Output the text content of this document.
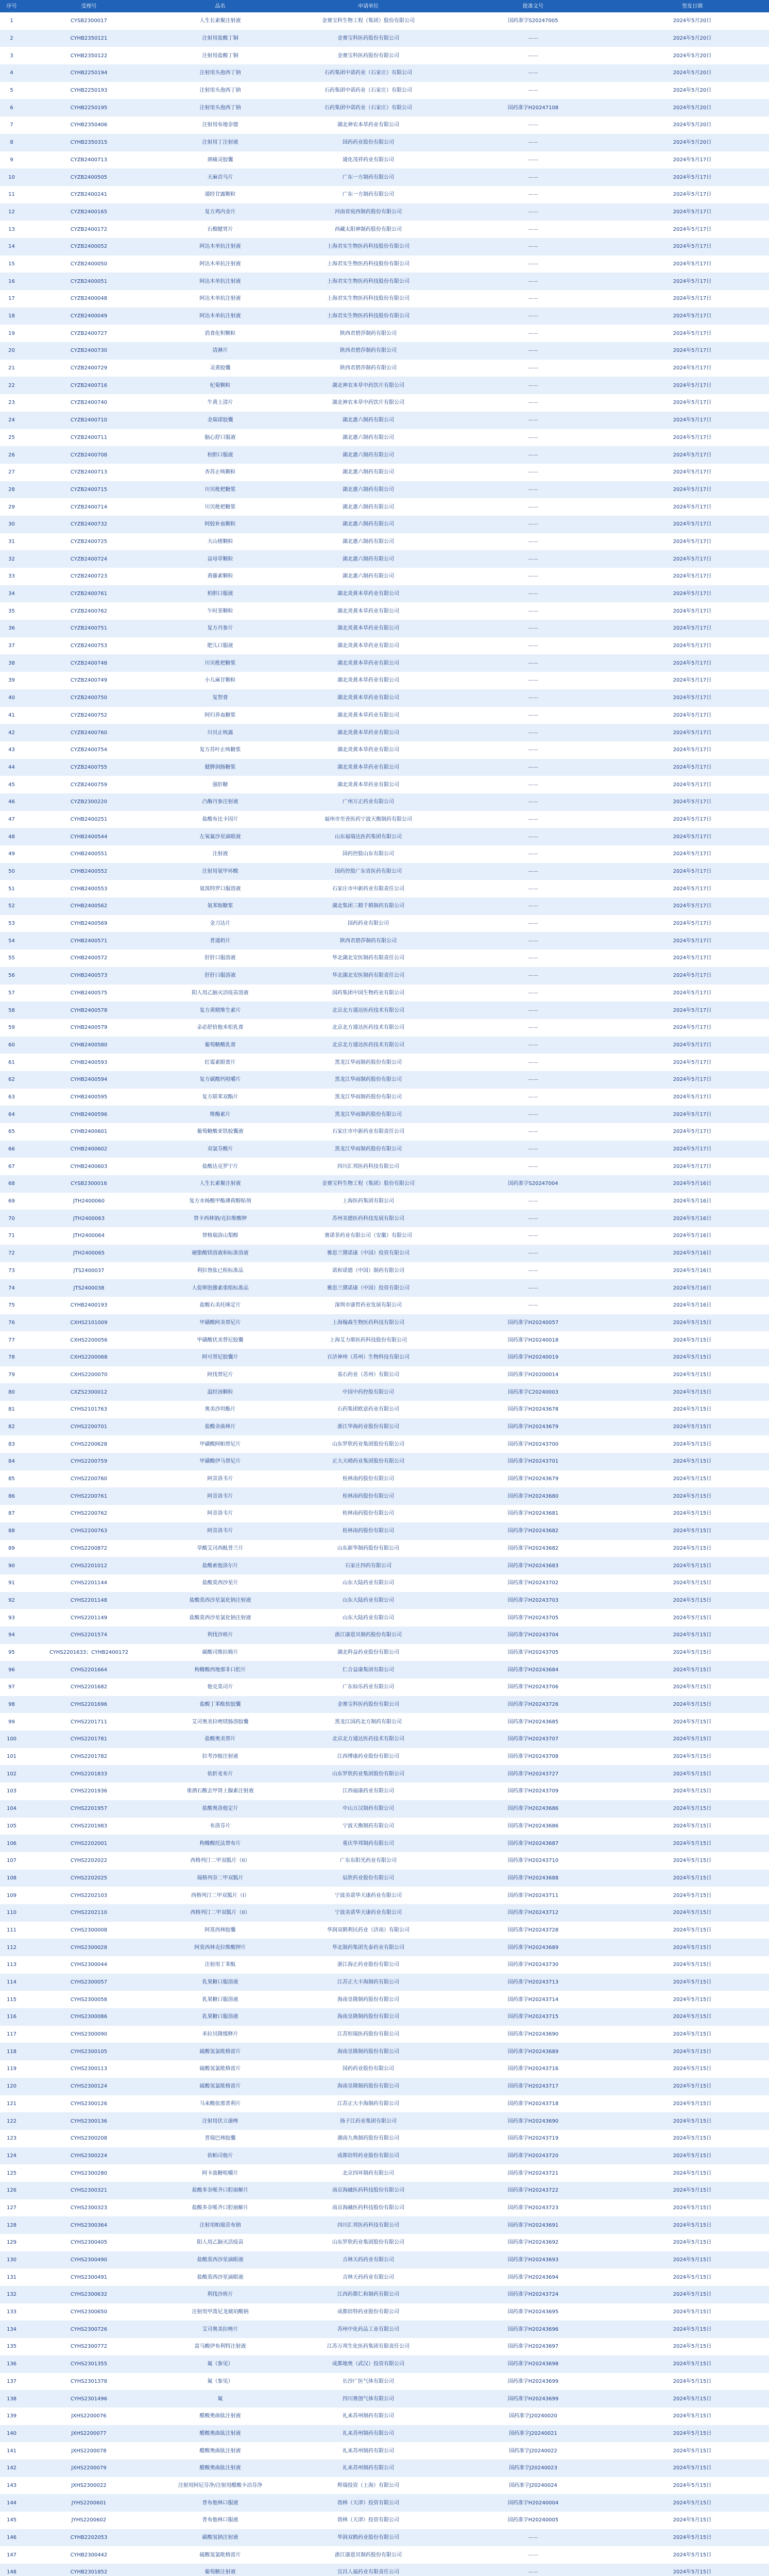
序号	受理号	品名	申请单位	批准文号	签发日期
1	CYSB2300017	人生长素聚注射液	金赛宝科生物工程（集团）股份有限公司	国药准字S20247005	2024年5月20日
2	CYHB2350121	注射用盐酸丁铜	金赛宝科医药股份有限公司	——	2024年5月20日
3	CYHB2350122	注射用盐酸丁铜	金赛宝科医药股份有限公司	——	2024年5月20日
4	CYHB2250194	注射用头孢西丁钠	石药集团中诺药业（石家庄）有限公司	——	2024年5月20日
5	CYHB2250193	注射用头孢西丁钠	石药集团中诺药业（石家庄）有限公司	——	2024年5月20日
6	CYHB2250195	注射用头孢西丁钠	石药集团中诺药业（石家庄）有限公司	国药准字H20247108	2024年5月20日
7	CYHB2350406	注射用布地奈德	湖北神农本草药业有限公司	——	2024年5月20日
8	CYHB2350315	注射用丁注射液	国药药业股份有限公司	——	2024年5月20日
9	CYZB2400713	颈痛灵胶囊	通化茂祥药业有限公司	——	2024年5月17日
10	CYZB2400505	天麻首乌片	广东一方制药有限公司	——	2024年5月17日
11	CYZB2400241	通经甘露颗粒	广东一方制药有限公司	——	2024年5月17日
12	CYZB2400165	复方鸡内金片	河南省宛西制药股份有限公司	——	2024年5月17日
13	CYZB2400172	石榴健胃片	西藏太阳神制药股份有限公司	——	2024年5月17日
14	CYZB2400052	阿达木单抗注射液	上海君实生物医药科技股份有限公司	——	2024年5月17日
15	CYZB2400050	阿达木单抗注射液	上海君实生物医药科技股份有限公司	——	2024年5月17日
16	CYZB2400051	阿达木单抗注射液	上海君实生物医药科技股份有限公司	——	2024年5月17日
17	CYZB2400048	阿达木单抗注射液	上海君实生物医药科技股份有限公司	——	2024年5月17日
18	CYZB2400049	阿达木单抗注射液	上海君实生物医药科技股份有限公司	——	2024年5月17日
19	CYZB2400727	消食化积颗粒	陕西君碧莎制药有限公司	——	2024年5月17日
20	CYZB2400730	清淋片	陕西君碧莎制药有限公司	——	2024年5月17日
21	CYZB2400729	灵黄胶囊	陕西君碧莎制药有限公司	——	2024年5月17日
22	CYZB2400716	杞菊颗粒	湖北神农本草中药饮片有限公司	——	2024年5月17日
23	CYZB2400740	牛黄上清片	湖北神农本草中药饮片有限公司	——	2024年5月17日
24	CYZB2400710	金瑞诺胶囊	湖北惠六制药有限公司	——	2024年5月17日
25	CYZB2400711	脑心舒口服液	湖北惠六制药有限公司	——	2024年5月17日
26	CYZB2400708	柏胆口服液	湖北惠六制药有限公司	——	2024年5月17日
27	CYZB2400713	杏苏止咳颗粒	湖北惠六制药有限公司	——	2024年5月17日
28	CYZB2400715	川贝枇杷糖浆	湖北惠六制药有限公司	——	2024年5月17日
29	CYZB2400714	川贝枇杷糖浆	湖北惠六制药有限公司	——	2024年5月17日
30	CYZB2400732	阿胶补血颗粒	湖北惠六制药有限公司	——	2024年5月17日
31	CYZB2400725	大山楂颗粒	湖北惠六制药有限公司	——	2024年5月17日
32	CYZB2400724	益母草颗粒	湖北惠六制药有限公司	——	2024年5月17日
33	CYZB2400723	黄藤素颗粒	湖北惠六制药有限公司	——	2024年5月17日
34	CYZB2400761	柏胆口服液	湖北炎黄本草药业有限公司	——	2024年5月17日
35	CYZB2400762	午时茶颗粒	湖北炎黄本草药业有限公司	——	2024年5月17日
36	CYZB2400751	复方丹参片	湖北炎黄本草药业有限公司	——	2024年5月17日
37	CYZB2400753	肥儿口服液	湖北炎黄本草药业有限公司	——	2024年5月17日
38	CYZB2400748	川贝枇杷糖浆	湖北炎黄本草药业有限公司	——	2024年5月17日
39	CYZB2400749	小儿麻甘颗粒	湖北炎黄本草药业有限公司	——	2024年5月17日
40	CYZB2400750	复智膏	湖北炎黄本草药业有限公司	——	2024年5月17日
41	CYZB2400752	阿归养血糖浆	湖北炎黄本草药业有限公司	——	2024年5月17日
42	CYZB2400760	川贝止咳露	湖北炎黄本草药业有限公司	——	2024年5月17日
43	CYZB2400754	复方苏叶止咳糖浆	湖北炎黄本草药业有限公司	——	2024年5月17日
44	CYZB2400755	健脾润肠糖浆	湖北炎黄本草药业有限公司	——	2024年5月17日
45	CYZB2400759	强肝糖	湖北炎黄本草药业有限公司	——	2024年5月17日
46	CYZB2300220	凸酶丹参注射液	广州万正药业有限公司	——	2024年5月17日
47	CYHB2400251	盐酸布比卡因片	福州市至善医药宁波天衡制药有限公司	——	2024年5月17日
48	CYHB2400544	左氧氟沙星滴眼液	山东福瑞达医药集团有限公司	——	2024年5月17日
49	CYHB2400551	注射液	国药控股山东有限公司	——	2024年5月17日
50	CYHB2400552	注射用氨甲环酸	国药控股广东省医药有限公司	——	2024年5月17日
51	CYHB2400553	氨溴特罗口服溶液	石家庄市中新药业有限责任公司	——	2024年5月17日
52	CYHB2400562	氨苯胺糖浆	湖北集团三精千鹤制药有限公司	——	2024年5月17日
53	CYHB2400569	金刀达片	国药药业有限公司	——	2024年5月17日
54	CYHB2400571	普通奶片	陕西君碧莎制药有限公司	——	2024年5月17日
55	CYHB2400572	肝肝口服溶液	华北湖北安医制药有限责任公司	——	2024年5月17日
56	CYHB2400573	肝肝口服溶液	华北湖北安医制药有限责任公司	——	2024年5月17日
57	CYHB2400575	阳人用乙脑灭活疫苗溶液	国药集团中国生物药业有限公司	——	2024年5月17日
58	CYHB2400578	复方黄精维生素片	北京北方通达医药技术有限公司	——	2024年5月17日
59	CYHB2400579	亲必舒倍他米松乳膏	北京北方通达医药技术有限公司	——	2024年5月17日
60	CYHB2400580	葡萄糖酸乳膏	北京北方通达医药技术有限公司	——	2024年5月17日
61	CYHB2400593	红霉素眼膏片	黑龙江华雨制药股份有限公司	——	2024年5月17日
62	CYHB2400594	复方碳酸钙咀嚼片	黑龙江华雨制药股份有限公司	——	2024年5月17日
63	CYHB2400595	复方联苯双酯片	黑龙江华雨制药股份有限公司	——	2024年5月17日
64	CYHB2400596	维酶素片	黑龙江华雨制药股份有限公司	——	2024年5月17日
65	CYHB2400601	葡萄糖酸亚铁胶囊液	石家庄市中新药业有限责任公司	——	2024年5月17日
66	CYHB2400602	双氯芬酸片	黑龙江华雨制药股份有限公司	——	2024年5月17日
67	CYHB2400603	盐酸达克罗宁片	四川汇邦医药科技有限公司	——	2024年5月17日
68	CYSB2300016	人生长素聚注射液	金赛宝科生物工程（集团）股份有限公司	国药准字S20247004	2024年5月16日
69	JTH2400060	复方水杨酸甲酯薄荷醇贴剂	上海医药集团有限公司	——	2024年5月16日
70	JTH2400063	替卡西林钠/克拉维酸钾	苏州美德医药科技发展有限公司	——	2024年5月16日
71	JTH2400064	替格瑞洛山梨醇	赛诺菲药业有限公司（安徽）有限公司	——	2024年5月16日
72	JTH2400065	硬脂酸镁溶液和标准溶液	雅思兰黛诺康（中国）投资有限公司	——	2024年5月16日
73	JTS2400037	利拉鲁肽已检标准品	诺和诺德（中国）制药有限公司	——	2024年5月16日
74	JTS2400038	人促卵泡激素重组标准品	雅思兰黛诺康（中国）投资有限公司	——	2024年5月16日
75	CYHB2400193	盐酸右美托咪定片	深圳市康哲药业发展有限公司	——	2024年5月16日
76	CXHS2101009	甲磺酸阿美替尼片	上海翰森生物医药科技有限公司	国药准字H20240057	2024年5月15日
77	CXHS2200056	甲磺酸伏美替尼胶囊	上海艾力斯医药科技股份有限公司	国药准字H20240018	2024年5月15日
78	CXHS2200068	阿可替尼胶囊片	百济神州（苏州）生物科技有限公司	国药准字H20240019	2024年5月15日
79	CXHS2200070	阿伐替尼片	基石药业（苏州）有限公司	国药准字H20200014	2024年5月15日
80	CXZS2300012	温经汤颗粒	中国中药控股有限公司	国药准字C20240003	2024年5月15日
81	CYHS2101763	奥美沙坦酯片	石药集团欧意药业有限公司	国药准字H20243678	2024年5月15日
82	CYHS2200701	盐酸舍曲林片	浙江华海药业股份有限公司	国药准字H20243679	2024年5月15日
83	CYHS2200628	甲磺酸阿帕替尼片	山东罗欣药业集团股份有限公司	国药准字H20243700	2024年5月15日
84	CYHS2200759	甲磺酸伊马替尼片	正大天晴药业集团股份有限公司	国药准字H20243701	2024年5月15日
85	CYHS2200760	阿昔洛韦片	桂林南药股份有限公司	国药准字H20243679	2024年5月15日
86	CYHS2200761	阿昔洛韦片	桂林南药股份有限公司	国药准字H20243680	2024年5月15日
87	CYHS2200762	阿昔洛韦片	桂林南药股份有限公司	国药准字H20243681	2024年5月15日
88	CYHS2200763	阿昔洛韦片	桂林南药股份有限公司	国药准字H20243682	2024年5月15日
89	CYHS2200872	草酸艾司西酞普兰片	山东新华制药股份有限公司	国药准字H20243682	2024年5月15日
90	CYHS2201012	盐酸索他洛尔片	石家庄四药有限公司	国药准字H20243683	2024年5月15日
91	CYHS2201144	盐酸莫西沙星片	山东大陆药业有限公司	国药准字H20243702	2024年5月15日
92	CYHS2201148	盐酸莫西沙星氯化钠注射液	山东大陆药业有限公司	国药准字H20243703	2024年5月15日
93	CYHS2201149	盐酸莫西沙星氯化钠注射液	山东大陆药业有限公司	国药准字H20243705	2024年5月15日
94	CYHS2201574	利伐沙班片	浙江康恩贝制药股份有限公司	国药准字H20243704	2024年5月15日
95	CYHS2201633；CYHB2400172	碳酸司维拉姆片	湖北科益药业股份有限公司	国药准字H20243705	2024年5月15日
96	CYHS2201664	枸橼酸西地那非口腔片	仁合益康集团有限公司	国药准字H20243684	2024年5月15日
97	CYHS2201682	他克莫司片	广东仙乐药业有限公司	国药准字H20243706	2024年5月15日
98	CYHS2201696	盐酸丁苯酞软胶囊	金赛宝科医药股份有限公司	国药准字H20243726	2024年5月15日
99	CYHS2201711	艾司奥美拉唑镁肠溶胶囊	黑龙江国药北方制药有限公司	国药准字H20243685	2024年5月15日
100	CYHS2201781	盐酸奥美替片	北京北方通达医药技术有限公司	国药准字H20243707	2024年5月15日
101	CYHS2201782	拉考沙胺注射液	江西博康药业股份有限公司	国药准字H20243708	2024年5月15日
102	CYHS2201833	依折麦布片	山东罗欣药业集团股份有限公司	国药准字H20243727	2024年5月15日
103	CYHS2201936	重酒石酸去甲肾上腺素注射液	江西福康药业有限公司	国药准字H20243709	2024年5月15日
104	CYHS2201957	盐酸奥洛他定片	中山万汉制药有限公司	国药准字H20243686	2024年5月15日
105	CYHS2201983	布洛芬片	宁波天衡制药有限公司	国药准字H20243686	2024年5月15日
106	CYHS2202001	枸橼酸托法替布片	重庆华邦制药有限公司	国药准字H20243687	2024年5月15日
107	CYHS2202022	西格列汀二甲双胍片（II）	广东东阳光药业有限公司	国药准字H20243710	2024年5月15日
108	CYHS2202025	瑞格列奈二甲双胍片	辰欣药业股份有限公司	国药准字H20243688	2024年5月15日
109	CYHS2202103	西格列汀二甲双胍片（I）	宁波美诺华天康药业有限公司	国药准字H20243711	2024年5月15日
110	CYHS2202110	西格列汀二甲双胍片（II）	宁波美诺华天康药业有限公司	国药准字H20243712	2024年5月15日
111	CYHS2300008	阿莫西林胶囊	华润双鹤利民药业（济南）有限公司	国药准字H20243728	2024年5月15日
112	CYHS2300028	阿莫西林克拉维酸钾片	华北制药集团先泰药业有限公司	国药准字H20243689	2024年5月15日
113	CYHS2300044	注射用丁苯酞	浙江海正药业股份有限公司	国药准字H20243730	2024年5月15日
114	CYHS2300057	乳果糖口服溶液	江苏正大丰海制药有限公司	国药准字H20243713	2024年5月15日
115	CYHS2300058	乳果糖口服溶液	海南皇隆制药股份有限公司	国药准字H20243714	2024年5月15日
116	CYHS2300086	乳果糖口服溶液	海南皇隆制药股份有限公司	国药准字H20243715	2024年5月15日
117	CYHS2300090	米拉贝隆缓释片	江苏恒瑞医药股份有限公司	国药准字H20243690	2024年5月15日
118	CYHS2300105	硫酸氢氯吡格雷片	海南皇隆制药股份有限公司	国药准字H20243689	2024年5月15日
119	CYHS2300113	硫酸氢氯吡格雷片	国药药业股份有限公司	国药准字H20243716	2024年5月15日
120	CYHS2300124	硫酸氢氯吡格雷片	海南皇隆制药股份有限公司	国药准字H20243717	2024年5月15日
121	CYHS2300126	马来酸依那普利片	江苏正大丰海制药有限公司	国药准字H20243718	2024年5月15日
122	CYHS2300136	注射用伏立康唑	扬子江药业集团有限公司	国药准字H20243690	2024年5月15日
123	CYHS2300208	普瑞巴林胶囊	湖南九典制药股份有限公司	国药准字H20243719	2024年5月15日
124	CYHS2300224	依帕司他片	成都倍特药业股份有限公司	国药准字H20243720	2024年5月15日
125	CYHS2300280	阿卡波糖咀嚼片	北京四环制药有限公司	国药准字H20243721	2024年5月15日
126	CYHS2300321	盐酸多奈哌齐口腔崩解片	南京海融医药科技股份有限公司	国药准字H20243722	2024年5月15日
127	CYHS2300323	盐酸多奈哌齐口腔崩解片	南京海融医药科技股份有限公司	国药准字H20243723	2024年5月15日
128	CYHS2300364	注射用帕瑞昔布钠	四川汇邦医药科技有限公司	国药准字H20243691	2024年5月15日
129	CYHS2300405	阳人用乙脑灭活疫苗	山东罗欣药业集团股份有限公司	国药准字H20243692	2024年5月15日
130	CYHS2300490	盐酸莫西沙星滴眼液	吉林天药药业有限公司	国药准字H20243693	2024年5月15日
131	CYHS2300491	盐酸莫西沙星滴眼液	吉林天药药业有限公司	国药准字H20243694	2024年5月15日
132	CYHS2300632	利伐沙班片	江西药都仁和制药有限公司	国药准字H20243724	2024年5月15日
133	CYHS2300650	注射用甲泼尼龙琥珀酸钠	成都倍特药业股份有限公司	国药准字H20243695	2024年5月15日
134	CYHS2300726	艾司奥美拉唑片	苏州中化药品工业有限公司	国药准字H20243696	2024年5月15日
135	CYHS2300772	富马酸伊布利特注射液	江苏万邦生化医药集团有限责任公司	国药准字H20243697	2024年5月15日
136	CYHS2301355	氟（参见）	成都地奥（武汉）投资有限公司	国药准字H20243698	2024年5月15日
137	CYHS2301378	氟（参见）	长沙广医气体有限公司	国药准字H20243699	2024年5月15日
138	CYHS2301496	氟	四川赛创气体有限公司	国药准字H20243699	2024年5月15日
139	JXHS2200076	醋酸奥曲肽注射液	礼来苏州制药有限公司	国药准字J20240020	2024年5月15日
140	JXHS2200077	醋酸奥曲肽注射液	礼来苏州制药有限公司	国药准字J20240021	2024年5月15日
141	JXHS2200078	醋酸奥曲肽注射液	礼来苏州制药有限公司	国药准字J20240022	2024年5月15日
142	JXHS2200079	醋酸奥曲肽注射液	礼来苏州制药有限公司	国药准字J20240023	2024年5月15日
143	JXHS2300022	注射用阿尼芬净/注射用醋酸卡泊芬净	辉瑞投资（上海）有限公司	国药准字J20240024	2024年5月15日
144	JYHS2200601	普布他林口服液	勃林（天津）投资有限公司	国药准字H20240004	2024年5月15日
145	JYHS2200602	普布他林口服液	勃林（天津）投资有限公司	国药准字H20240005	2024年5月15日
146	CYHB2202053	碳酸氢钠注射液	华润双鹤药业股份有限公司	——	2024年5月15日
147	CYHB2300442	硫酸氢氯吡格雷片	浙江康恩贝制药股份有限公司	——	2024年5月15日
148	CYHB2301852	葡萄糖注射液	宜昌人福药业有限责任公司	——	2024年5月15日
